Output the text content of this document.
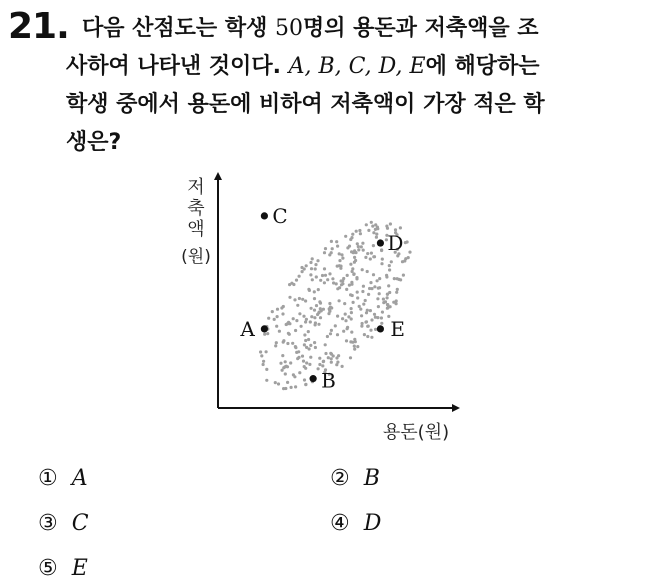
21. 다음 산점도는 학생 50명의 용돈과 저축액을 조
사하여 나타낸 것이다. A, B, C, D, E에 해당하는
학생 중에서 용돈에 비하여 저축액이 가장 적은 학
생은?
저
축
액
(원)
용돈(원)
A
B
C
D
E
① A	② B
③ C	④ D
⑤ E
